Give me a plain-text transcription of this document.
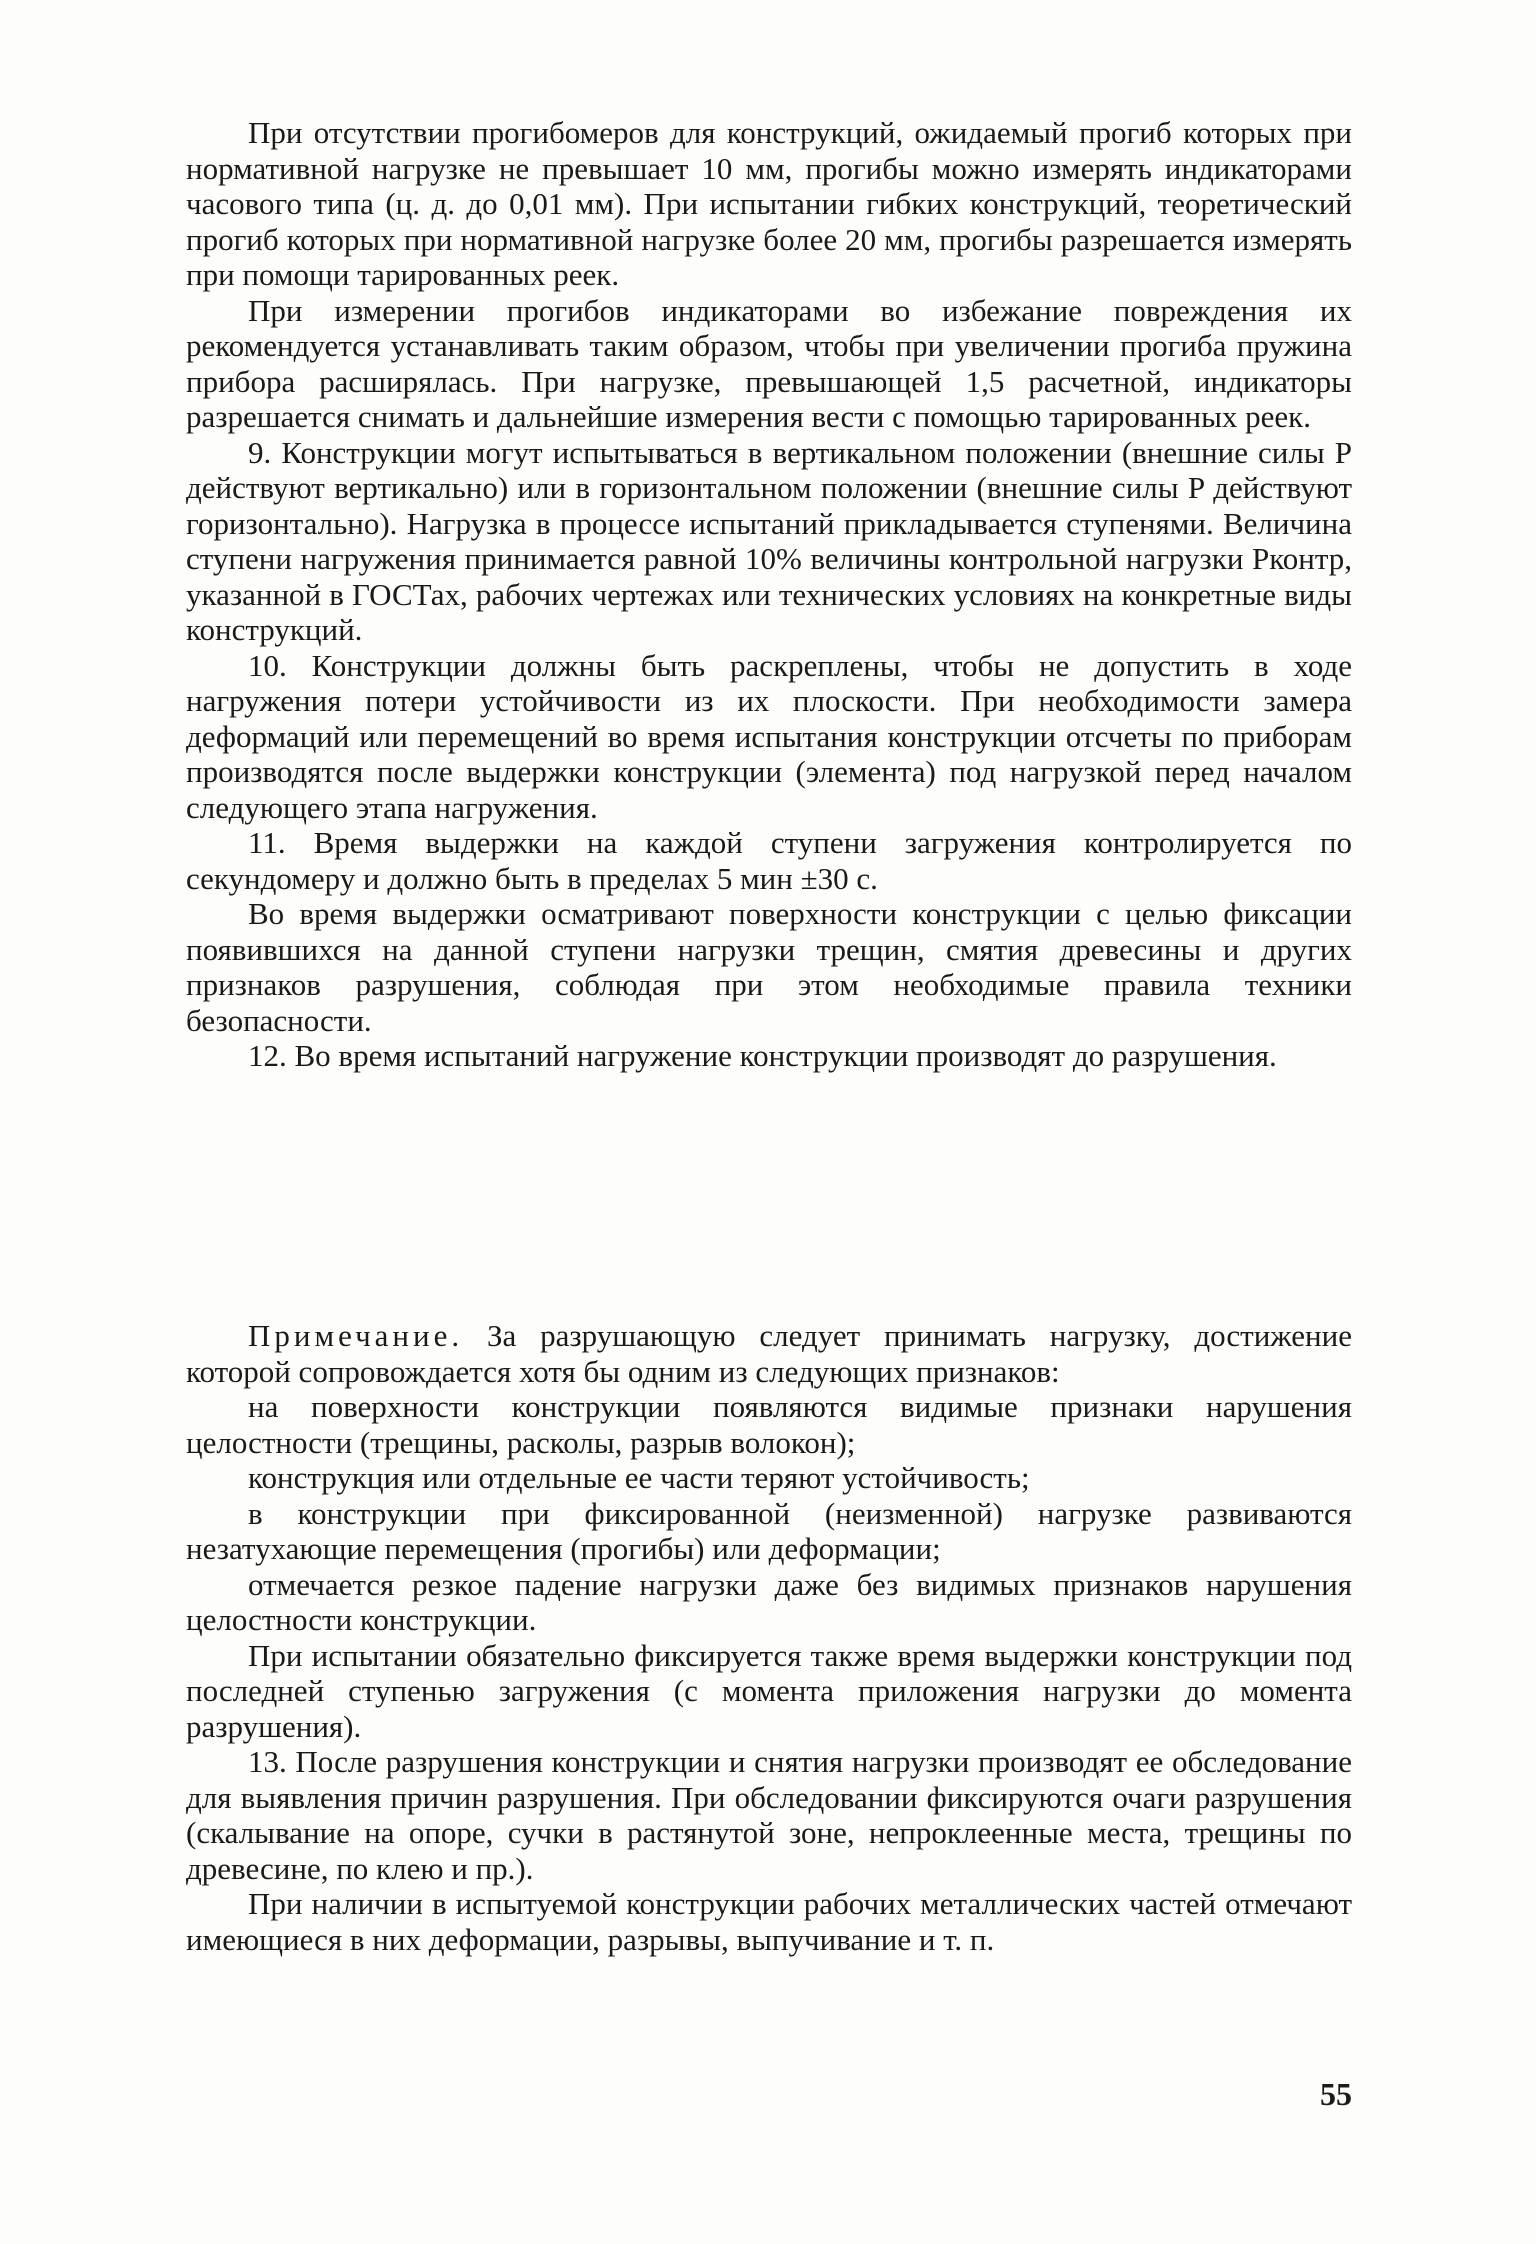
При отсутствии прогибомеров для конструкций, ожидаемый прогиб которых при нормативной нагрузке не превышает 10 мм, прогибы можно измерять индикаторами часового типа (ц. д. до 0,01 мм). При испытании гибких конструкций, теоретический прогиб которых при нормативной нагрузке более 20 мм, прогибы разрешается измерять при помощи тарированных реек.

При измерении прогибов индикаторами во избежание повреждения их рекомендуется устанавливать таким образом, чтобы при увеличении прогиба пружина прибора расширялась. При нагрузке, превышающей 1,5 расчетной, индикаторы разрешается снимать и дальнейшие измерения вести с помощью тарированных реек.

9. Конструкции могут испытываться в вертикальном положении (внешние силы P действуют вертикально) или в горизонтальном положении (внешние силы P действуют горизонтально). Нагрузка в процессе испытаний прикладывается ступенями. Величина ступени нагружения принимается равной 10% величины контрольной нагрузки Pконтр, указанной в ГОСТах, рабочих чертежах или технических условиях на конкретные виды конструкций.

10. Конструкции должны быть раскреплены, чтобы не допустить в ходе нагружения потери устойчивости из их плоскости. При необходимости замера деформаций или перемещений во время испытания конструкции отсчеты по приборам производятся после выдержки конструкции (элемента) под нагрузкой перед началом следующего этапа нагружения.

11. Время выдержки на каждой ступени загружения контролируется по секундомеру и должно быть в пределах 5 мин ±30 с.

Во время выдержки осматривают поверхности конструкции с целью фиксации появившихся на данной ступени нагрузки трещин, смятия древесины и других признаков разрушения, соблюдая при этом необходимые правила техники безопасности.

12. Во время испытаний нагружение конструкции производят до разрушения.

Примечание. За разрушающую следует принимать нагрузку, достижение которой сопровождается хотя бы одним из следующих признаков:

на поверхности конструкции появляются видимые признаки нарушения целостности (трещины, расколы, разрыв волокон);

конструкция или отдельные ее части теряют устойчивость;

в конструкции при фиксированной (неизменной) нагрузке развиваются незатухающие перемещения (прогибы) или деформации;

отмечается резкое падение нагрузки даже без видимых признаков нарушения целостности конструкции.

При испытании обязательно фиксируется также время выдержки конструкции под последней ступенью загружения (с момента приложения нагрузки до момента разрушения).

13. После разрушения конструкции и снятия нагрузки производят ее обследование для выявления причин разрушения. При обследовании фиксируются очаги разрушения (скалывание на опоре, сучки в растянутой зоне, непроклеенные места, трещины по древесине, по клею и пр.).

При наличии в испытуемой конструкции рабочих металлических частей отмечают имеющиеся в них деформации, разрывы, выпучивание и т. п.

55
